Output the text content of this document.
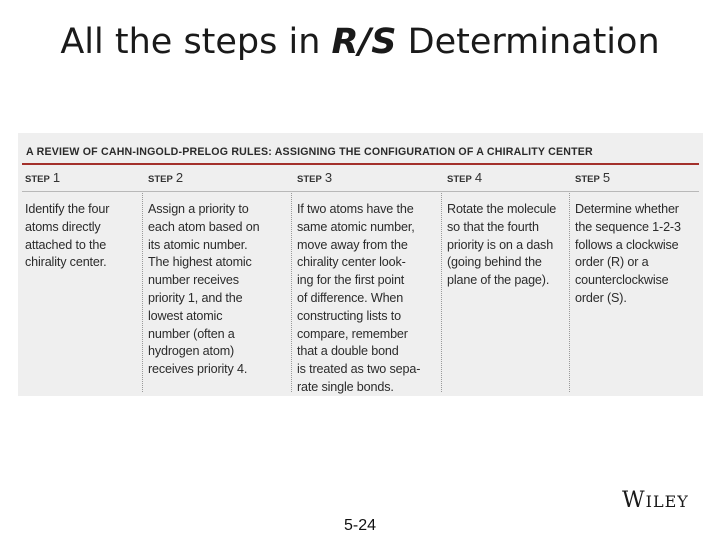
All the steps in R/S Determination
A REVIEW OF CAHN-INGOLD-PRELOG RULES: ASSIGNING THE CONFIGURATION OF A CHIRALITY CENTER
STEP 1
Identify the four
atoms directly
attached to the
chirality center.
STEP 2
Assign a priority to
each atom based on
its atomic number.
The highest atomic
number receives
priority 1, and the
lowest atomic
number (often a
hydrogen atom)
receives priority 4.
STEP 3
If two atoms have the
same atomic number,
move away from the
chirality center look-
ing for the first point
of difference. When
constructing lists to
compare, remember
that a double bond
is treated as two sepa-
rate single bonds.
STEP 4
Rotate the molecule
so that the fourth
priority is on a dash
(going behind the
plane of the page).
STEP 5
Determine whether
the sequence 1-2-3
follows a clockwise
order (R) or a
counterclockwise
order (S).
WILEY
5-24
